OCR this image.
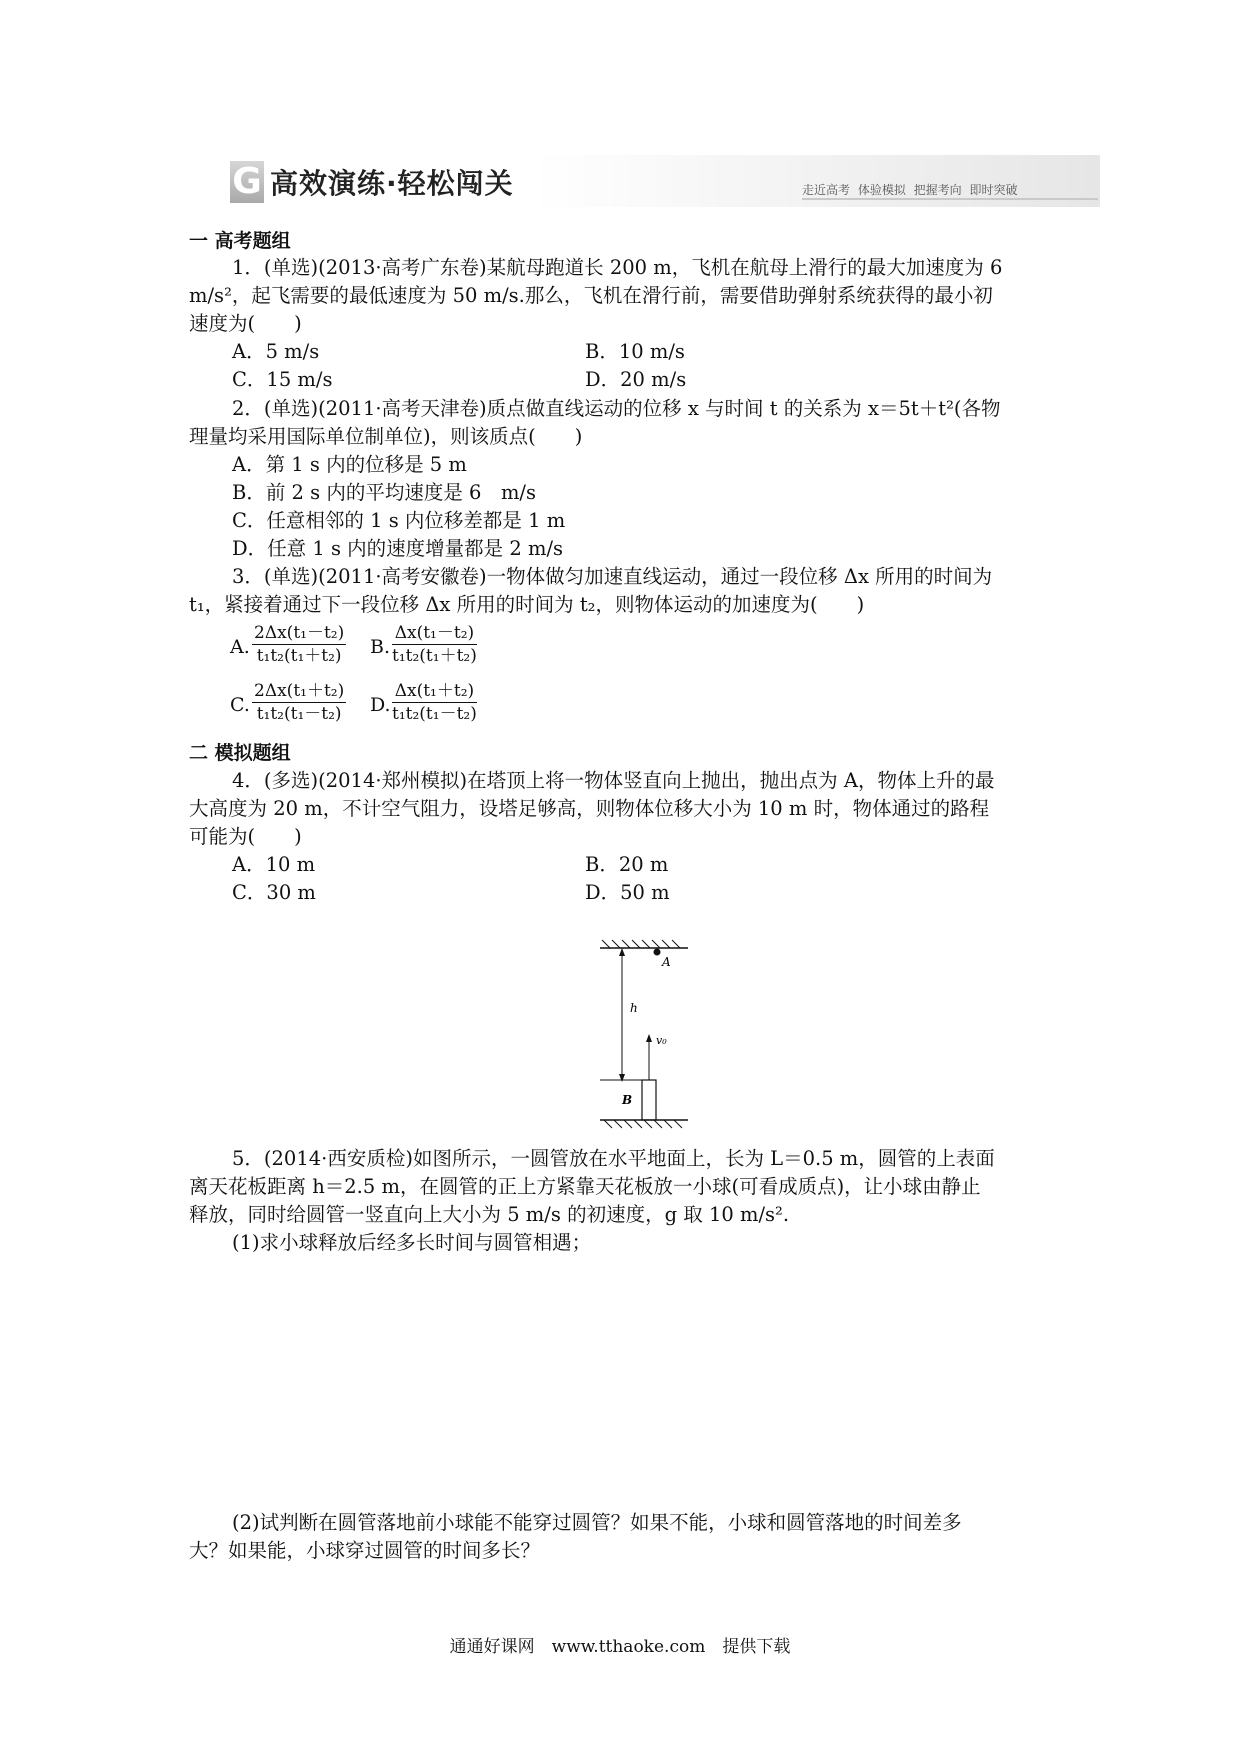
G 高效演练·轻松闯关	走近高考 体验模拟 把握考向 即时突破
一 高考题组
1．(单选)(2013·高考广东卷)某航母跑道长 200 m，飞机在航母上滑行的最大加速度为 6
m/s²，起飞需要的最低速度为 50 m/s.那么，飞机在滑行前，需要借助弹射系统获得的最小初
速度为(　　)
A．5 m/s	B．10 m/s
C．15 m/s	D．20 m/s
2．(单选)(2011·高考天津卷)质点做直线运动的位移 x 与时间 t 的关系为 x＝5t＋t²(各物
理量均采用国际单位制单位)，则该质点(　　)
A．第 1 s 内的位移是 5 m
B．前 2 s 内的平均速度是 6　m/s
C．任意相邻的 1 s 内位移差都是 1 m
D．任意 1 s 内的速度增量都是 2 m/s
3．(单选)(2011·高考安徽卷)一物体做匀加速直线运动，通过一段位移 Δx 所用的时间为
t₁，紧接着通过下一段位移 Δx 所用的时间为 t₂，则物体运动的加速度为(　　)
A. $\frac{\text{2Δx(t₁－t₂)}}{\text{t₁t₂(t₁＋t₂)}} B$. $\frac{\text{Δx(t₁－t₂)}}{\text{t₁t₂(t₁＋t₂)}}$
C. $\frac{\text{2Δx(t₁＋t₂)}}{\text{t₁t₂(t₁－t₂)}} D$. $\frac{\text{Δx(t₁＋t₂)}}{\text{t₁t₂(t₁－t₂)}}$
二 模拟题组
4．(多选)(2014·郑州模拟)在塔顶上将一物体竖直向上抛出，抛出点为 A，物体上升的最
大高度为 20 m，不计空气阻力，设塔足够高，则物体位移大小为 10 m 时，物体通过的路程
可能为(　　)
A．10 m	B．20 m
C．30 m	D．50 m
A
h
v₀
B
5．(2014·西安质检)如图所示，一圆管放在水平地面上，长为 L＝0.5 m，圆管的上表面
离天花板距离 h＝2.5 m，在圆管的正上方紧靠天花板放一小球(可看成质点)，让小球由静止
释放，同时给圆管一竖直向上大小为 5 m/s 的初速度，g 取 10 m/s².
(1)求小球释放后经多长时间与圆管相遇；
(2)试判断在圆管落地前小球能不能穿过圆管？如果不能，小球和圆管落地的时间差多
大？如果能，小球穿过圆管的时间多长？
通通好课网　www.tthaoke.com　提供下载
